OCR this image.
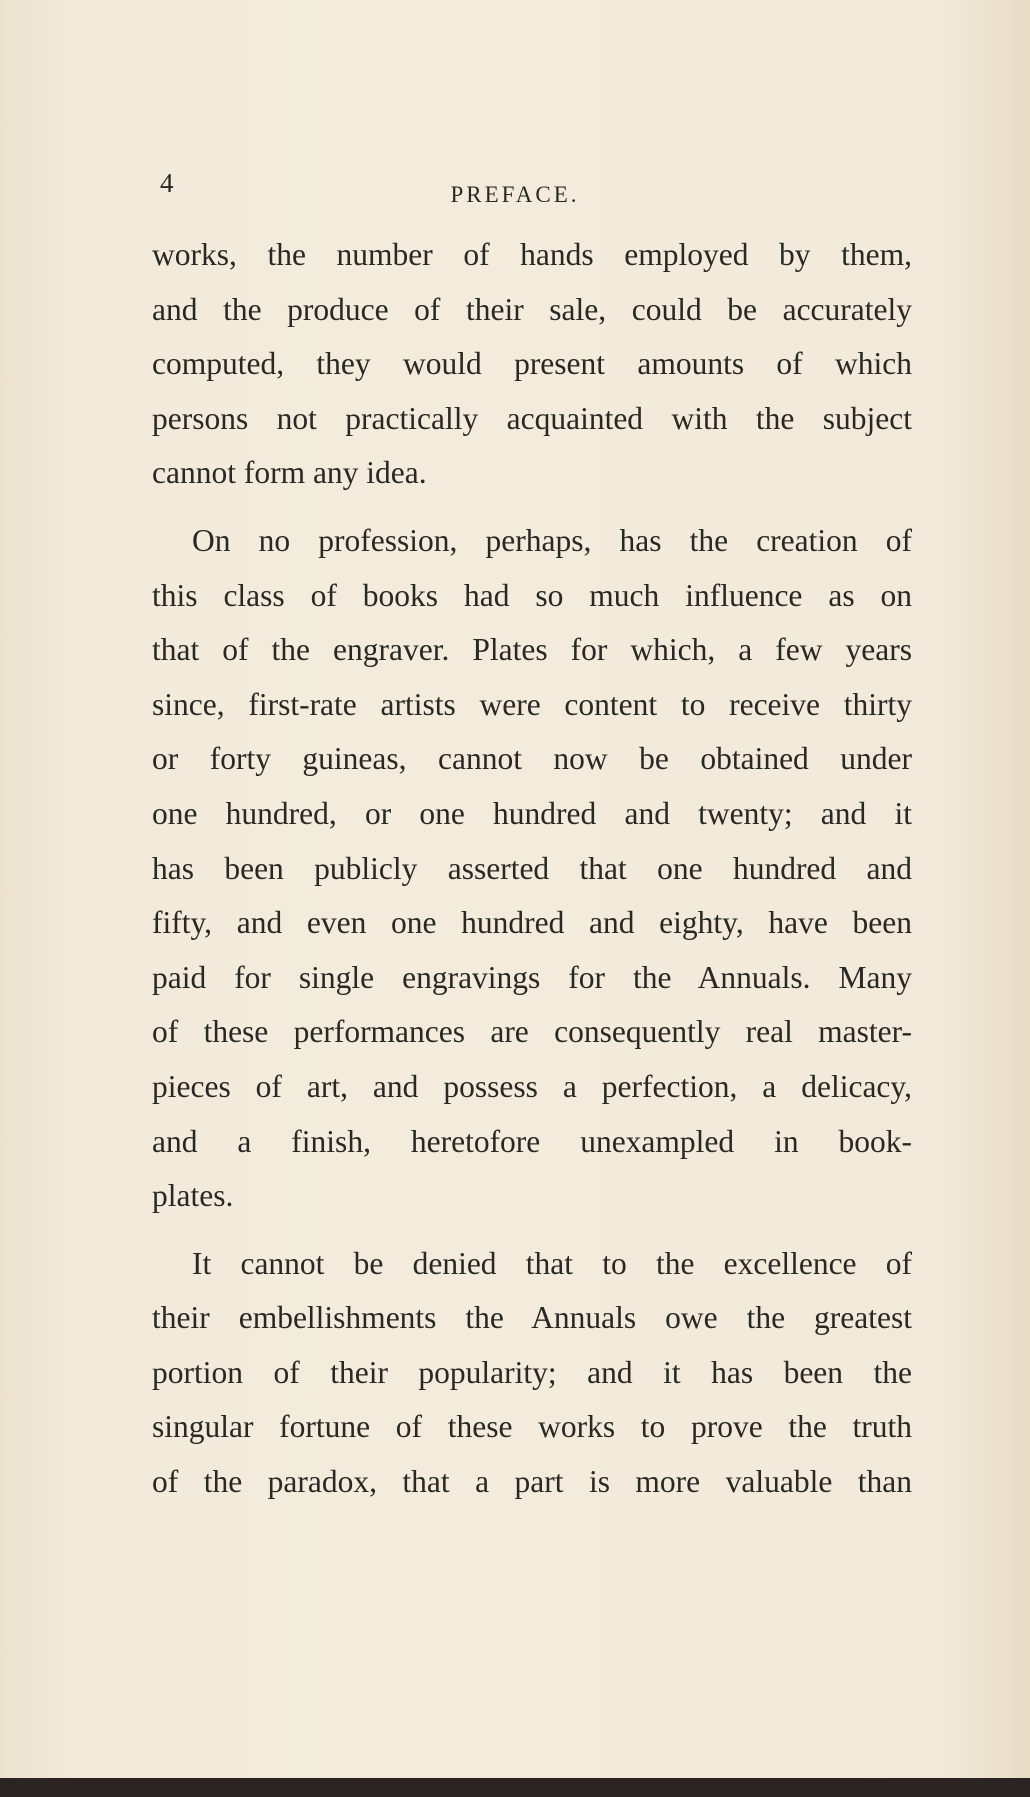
4	PREFACE.

works, the number of hands employed by them,
and the produce of their sale, could be accurately
computed, they would present amounts of which
persons not practically acquainted with the subject
cannot form any idea.

On no profession, perhaps, has the creation of
this class of books had so much influence as on
that of the engraver. Plates for which, a few years
since, first-rate artists were content to receive thirty
or forty guineas, cannot now be obtained under
one hundred, or one hundred and twenty; and it
has been publicly asserted that one hundred and
fifty, and even one hundred and eighty, have been
paid for single engravings for the Annuals. Many
of these performances are consequently real master-
pieces of art, and possess a perfection, a delicacy,
and a finish, heretofore unexampled in book-
plates.

It cannot be denied that to the excellence of
their embellishments the Annuals owe the greatest
portion of their popularity; and it has been the
singular fortune of these works to prove the truth
of the paradox, that a part is more valuable than
